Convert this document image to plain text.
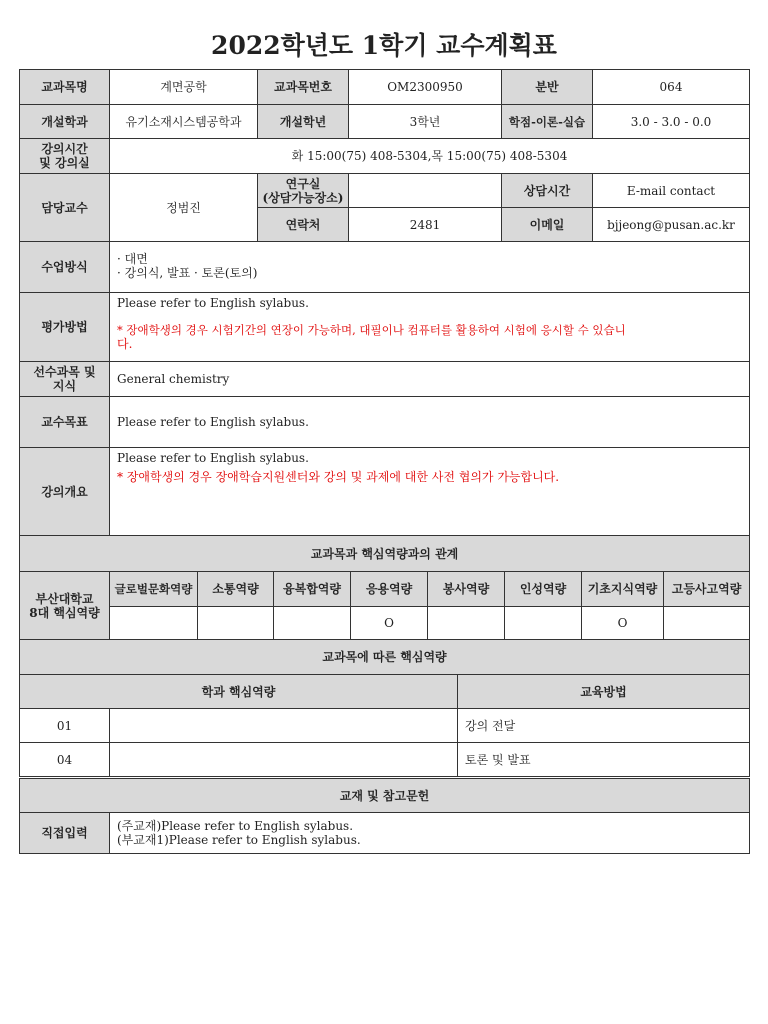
2022학년도 1학기 교수계획표
교과목명	계면공학	교과목번호	OM2300950	분반	064
개설학과	유기소재시스템공학과	개설학년	3학년	학점-이론-실습	3.0 - 3.0 - 0.0

강의시간
및 강의실	화 15:00(75) 408-5304,목 15:00(75) 408-5304				
담당교수	정범진	연구실
(상담가능장소)		상담시간	E-mail contact
		연락처	2481	이메일	bjjeong@pusan.ac.kr
수업방식	· 대면
· 강의식, 발표 · 토론(토의)

평가방법	Please refer to English sylabus.
* 장애학생의 경우 시험기간의 연장이 가능하며, 대필이나 컴퓨터를 활용하여 시험에 응시할 수 있습니
다.

선수과목 및
지식	General chemistry
교수목표	Please refer to English sylabus.
강의개요	Please refer to English sylabus.
* 장애학생의 경우 장애학습지원센터와 강의 및 과제에 대한 사전 협의가 가능합니다.
교과목과 핵심역량과의 관계								

부산대학교
8대 핵심역량	글로벌문화역량	소통역량	융복합역량	응용역량	봉사역량	인성역량	기초지식역량	고등사고역량
				O			O	
교과목에 따른 핵심역량		
학과 핵심역량		교육방법
01		강의 전달
04		토론 및 발표
교재 및 참고문헌
직접입력	(주교재)Please refer to English sylabus.
(부교재1)Please refer to English sylabus.
